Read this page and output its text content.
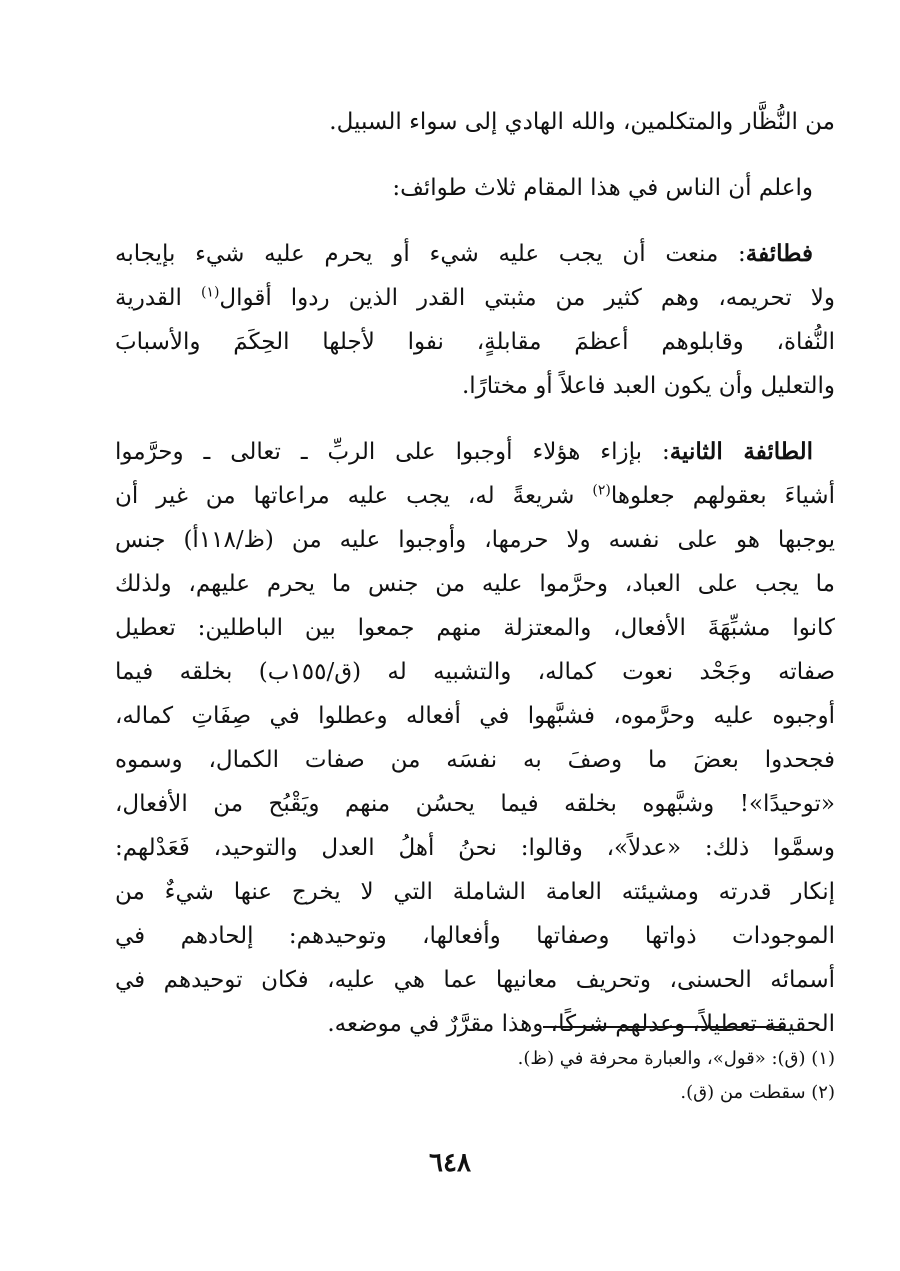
من النُّظَّار والمتكلمين، والله الهادي إلى سواء السبيل.
واعلم أن الناس في هذا المقام ثلاث طوائف:
فطائفة: منعت أن يجب عليه شيء أو يحرم عليه شيء بإيجابه
ولا تحريمه، وهم كثير من مثبتي القدر الذين ردوا أقوال$^{(١)}$ القدرية
النُّفاة، وقابلوهم أعظمَ مقابلةٍ، نفوا لأجلها الحِكَمَ والأسبابَ
والتعليل وأن يكون العبد فاعلاً أو مختارًا.
الطائفة الثانية: بإزاء هؤلاء أوجبوا على الربِّ ـ تعالى ـ وحرَّموا
أشياءَ بعقولهم جعلوها$^{(٢)}$ شريعةً له، يجب عليه مراعاتها من غير أن
يوجبها هو على نفسه ولا حرمها، وأوجبوا عليه من (ظ/١١٨أ) جنس
ما يجب على العباد، وحرَّموا عليه من جنس ما يحرم عليهم، ولذلك
كانوا مشبِّهَةَ الأفعال، والمعتزلة منهم جمعوا بين الباطلين: تعطيل
صفاته وجَحْد نعوت كماله، والتشبيه له (ق/١٥٥ب) بخلقه فيما
أوجبوه عليه وحرَّموه، فشبَّهوا في أفعاله وعطلوا في صِفَاتِ كماله،
فجحدوا بعضَ ما وصفَ به نفسَه من صفات الكمال، وسموه
«توحيدًا»! وشبَّهوه بخلقه فيما يحسُن منهم ويَقْبُح من الأفعال،
وسمَّوا ذلك: «عدلاً»، وقالوا: نحنُ أهلُ العدل والتوحيد، فَعَدْلهم:
إنكار قدرته ومشيئته العامة الشاملة التي لا يخرج عنها شيءٌ من
الموجودات ذواتها وصفاتها وأفعالها، وتوحيدهم: إلحادهم في
أسمائه الحسنى، وتحريف معانيها عما هي عليه، فكان توحيدهم في
الحقيقة تعطيلاً، وعدلهم شركًا، وهذا مقرَّرٌ في موضعه.
(١) (ق): «قول»، والعبارة محرفة في (ظ).
(٢) سقطت من (ق).
٦٤٨
